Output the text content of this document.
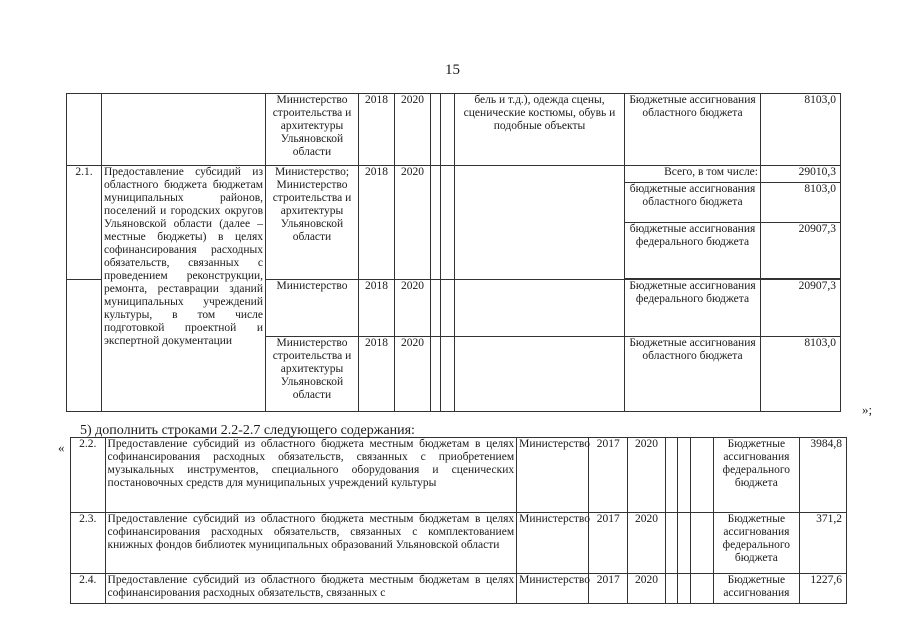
15
		Министерство строительства и архитектуры Ульяновской области	2018	2020			бель и т.д.), одежда сцены, сценические костюмы, обувь и подобные объекты	Бюджетные ассигнования областного бюджета	8103,0
2.1.	Предоставление субсидий из областного бюджета бюджетам муниципальных районов, поселений и городских округов Ульяновской области (далее – местные бюджеты) в целях софинансирования расходных обязательств, связанных с проведением реконструкции, ремонта, реставрации зданий муниципальных учреждений культуры, в том числе подготовкой проектной и экспертной документации	Министерство; Министерство строительства и архитектуры Ульяновской области	2018	2020				Всего, в том числе:	29010,3
								бюджетные ассигнования областного бюджета	8103,0
								бюджетные ассигнования федерального бюджета	20907,3

		Министерство	2018	2020				Бюджетные ассигнования федерального бюджета	20907,3
		Министерство строительства и архитектуры Ульяновской области	2018	2020				Бюджетные ассигнования областного бюджета	8103,0
»;
5) дополнить строками 2.2-2.7 следующего содержания:
« 2.2.	Предоставление субсидий из областного бюджета местным бюджетам в целях софинансирования расходных обязательств, связанных с приобретением музыкальных инструментов, специального оборудования и сценических постановочных средств для муниципальных учреждений культуры	Министерство	2017	2020				Бюджетные ассигнования федерального бюджета	3984,8
2.3.	Предоставление субсидий из областного бюджета местным бюджетам в целях софинансирования расходных обязательств, связанных с комплектованием книжных фондов библиотек муниципальных образований Ульяновской области	Министерство	2017	2020				Бюджетные ассигнования федерального бюджета	371,2
2.4.	Предоставление субсидий из областного бюджета местным бюджетам в целях софинансирования расходных обязательств, связанных с	Министерство	2017	2020				Бюджетные ассигнования	1227,6
